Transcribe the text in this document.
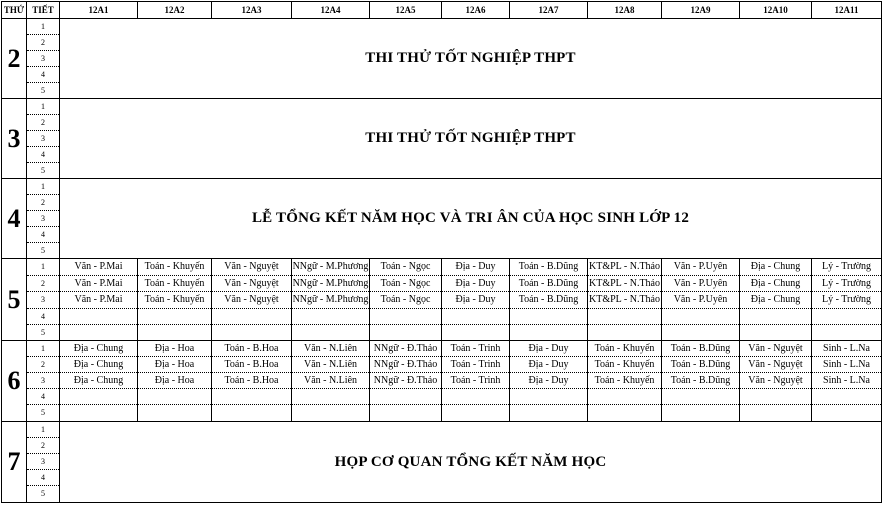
THỨ	TIẾT	12A1	12A2	12A3	12A4	12A5	12A6	12A7	12A8	12A9	12A10	12A11
2	1	THI THỬ TỐT NGHIỆP THPT										
	2											
	3											
	4											
	5											
3	1	THI THỬ TỐT NGHIỆP THPT										
	2											
	3											
	4											
	5											
4	1	LỄ TỔNG KẾT NĂM HỌC VÀ TRI ÂN CỦA HỌC SINH LỚP 12										
	2											
	3											
	4											
	5											
5	1	Văn - P.Mai	Toán - Khuyến	Văn - Nguyệt	NNgữ - M.Phương	Toán - Ngọc	Địa - Duy	Toán - B.Dũng	KT&PL - N.Thảo	Văn - P.Uyên	Địa - Chung	Lý - Trường
	2	Văn - P.Mai	Toán - Khuyến	Văn - Nguyệt	NNgữ - M.Phương	Toán - Ngọc	Địa - Duy	Toán - B.Dũng	KT&PL - N.Thảo	Văn - P.Uyên	Địa - Chung	Lý - Trường
	3	Văn - P.Mai	Toán - Khuyến	Văn - Nguyệt	NNgữ - M.Phương	Toán - Ngọc	Địa - Duy	Toán - B.Dũng	KT&PL - N.Thảo	Văn - P.Uyên	Địa - Chung	Lý - Trường
	4											
	5											
6	1	Địa - Chung	Địa - Hoa	Toán - B.Hoa	Văn - N.Liên	NNgữ - Đ.Thảo	Toán - Trinh	Địa - Duy	Toán - Khuyến	Toán - B.Dũng	Văn - Nguyệt	Sinh - L.Na
	2	Địa - Chung	Địa - Hoa	Toán - B.Hoa	Văn - N.Liên	NNgữ - Đ.Thảo	Toán - Trinh	Địa - Duy	Toán - Khuyến	Toán - B.Dũng	Văn - Nguyệt	Sinh - L.Na
	3	Địa - Chung	Địa - Hoa	Toán - B.Hoa	Văn - N.Liên	NNgữ - Đ.Thảo	Toán - Trinh	Địa - Duy	Toán - Khuyến	Toán - B.Dũng	Văn - Nguyệt	Sinh - L.Na
	4											
	5											
7	1	HỌP CƠ QUAN TỔNG KẾT NĂM HỌC										
	2											
	3											
	4											
	5											
